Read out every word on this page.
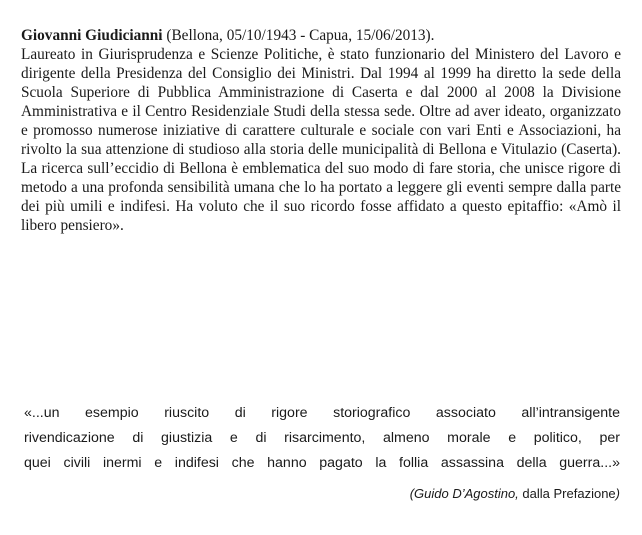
Giovanni Giudicianni (Bellona, 05/10/1943 - Capua, 15/06/2013).
Laureato in Giurisprudenza e Scienze Politiche, è stato funzionario del Ministero del Lavoro e dirigente della Presidenza del Consiglio dei Ministri. Dal 1994 al 1999 ha diretto la sede della Scuola Superiore di Pubblica Amministrazione di Caserta e dal 2000 al 2008 la Divisione Amministrativa e il Centro Residenziale Studi della stessa sede. Oltre ad aver ideato, organizzato e promosso numerose iniziative di carattere culturale e sociale con vari Enti e Associazioni, ha rivolto la sua attenzione di studioso alla storia delle municipalità di Bellona e Vitulazio (Caserta). La ricerca sull’eccidio di Bellona è emblematica del suo modo di fare storia, che unisce rigore di metodo a una profonda sensibilità umana che lo ha portato a leggere gli eventi sempre dalla parte dei più umili e indifesi. Ha voluto che il suo ricordo fosse affidato a questo epitaffio: «Amò il libero pensiero».

«...un esempio riuscito di rigore storiografico associato all’intransigente
rivendicazione di giustizia e di risarcimento, almeno morale e politico, per
quei civili inermi e indifesi che hanno pagato la follia assassina della guerra...»

(Guido D’Agostino, dalla Prefazione)
